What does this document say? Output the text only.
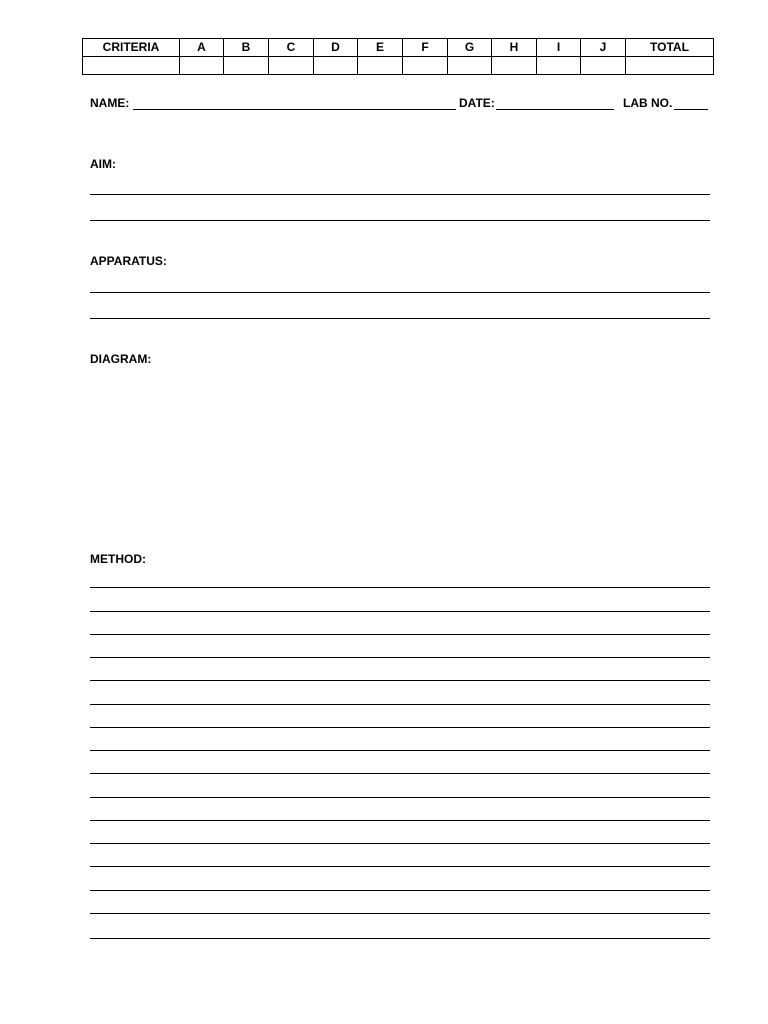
CRITERIA	A	B	C	D	E	F	G	H	I	J	TOTAL

NAME:	DATE:	LAB NO.
AIM:
APPARATUS:
DIAGRAM:
METHOD:
